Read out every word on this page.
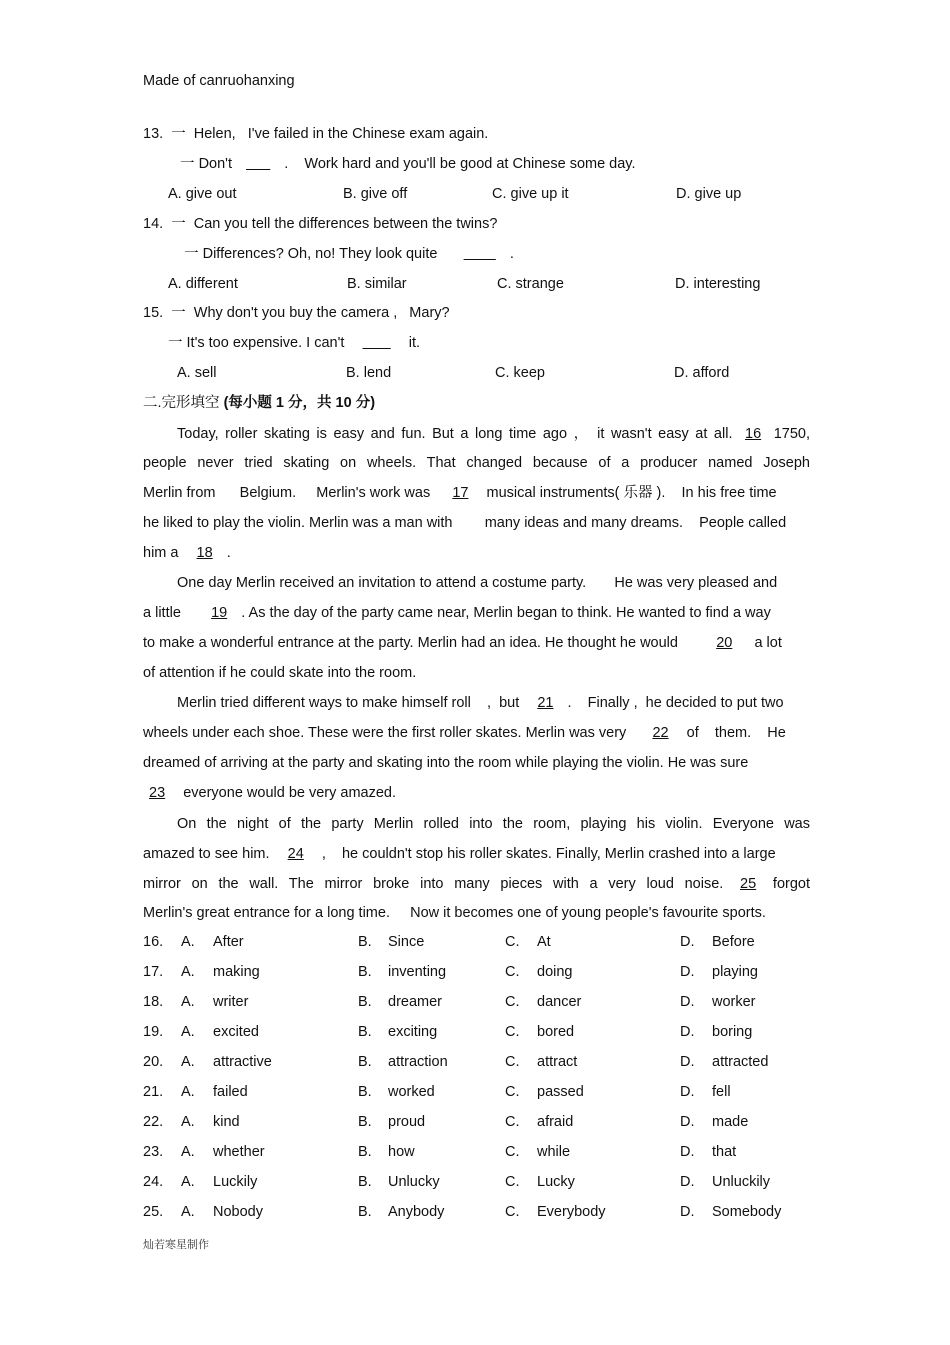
Made of canruohanxing
13.  一  Helen,   I've failed in the Chinese exam again.
一 Don't	.    Work hard and you'll be good at Chinese some day.
A. give out	B. give off	C. give up it	D. give up
14.  一  Can you tell the differences between the twins?
一 Differences? Oh, no! They look quite	.
A. different	B. similar	C. strange	D. interesting
15.  一  Why don't you buy the camera ,   Mary?
一 It's too expensive. I can't	it.
A. sell	B. lend	C. keep	D. afford
二.完形填空 (每小题 1 分，共 10 分)
Today, roller skating is easy and fun. But a long time ago ， it wasn't easy at all. 16 1750,
people never tried skating on wheels. That changed because of a producer named Joseph
Merlin from      Belgium.     Merlin's work was    17   musical instruments( 乐器 ).    In his free time
he liked to play the violin. Merlin was a man with        many ideas and many dreams.    People called
him a   18  .
One day Merlin received an invitation to attend a costume party.       He was very pleased and
a little      19  . As the day of the party came near, Merlin began to think. He wanted to find a way
to make a wonderful entrance at the party. Merlin had an idea. He thought he would        20    a lot
of attention if he could skate into the room.
Merlin tried different ways to make himself roll    ,  but   21  .    Finally ,  he decided to put two
wheels under each shoe. These were the first roller skates. Merlin was very     22   of    them.    He
dreamed of arriving at the party and skating into the room while playing the violin. He was sure
23   everyone would be very amazed.
On the night of the party Merlin rolled into the room, playing his violin. Everyone was
amazed to see him.   24   ,    he couldn't stop his roller skates. Finally, Merlin crashed into a large
mirror on the wall. The mirror broke into many pieces with a very loud noise. 25 forgot
Merlin's great entrance for a long time.     Now it becomes one of young people's favourite sports.
16. A. After	B. Since	C. At	D. Before
17. A. making	B. inventing	C. doing	D. playing
18. A. writer	B. dreamer	C. dancer	D. worker
19. A. excited	B. exciting	C. bored	D. boring
20. A. attractive	B. attraction	C. attract	D. attracted
21. A. failed	B. worked	C. passed	D. fell
22. A. kind	B. proud	C. afraid	D. made
23. A. whether	B. how	C. while	D. that
24. A. Luckily	B. Unlucky	C. Lucky	D. Unluckily
25. A. Nobody	B. Anybody	C. Everybody	D. Somebody
灿若寒星制作
